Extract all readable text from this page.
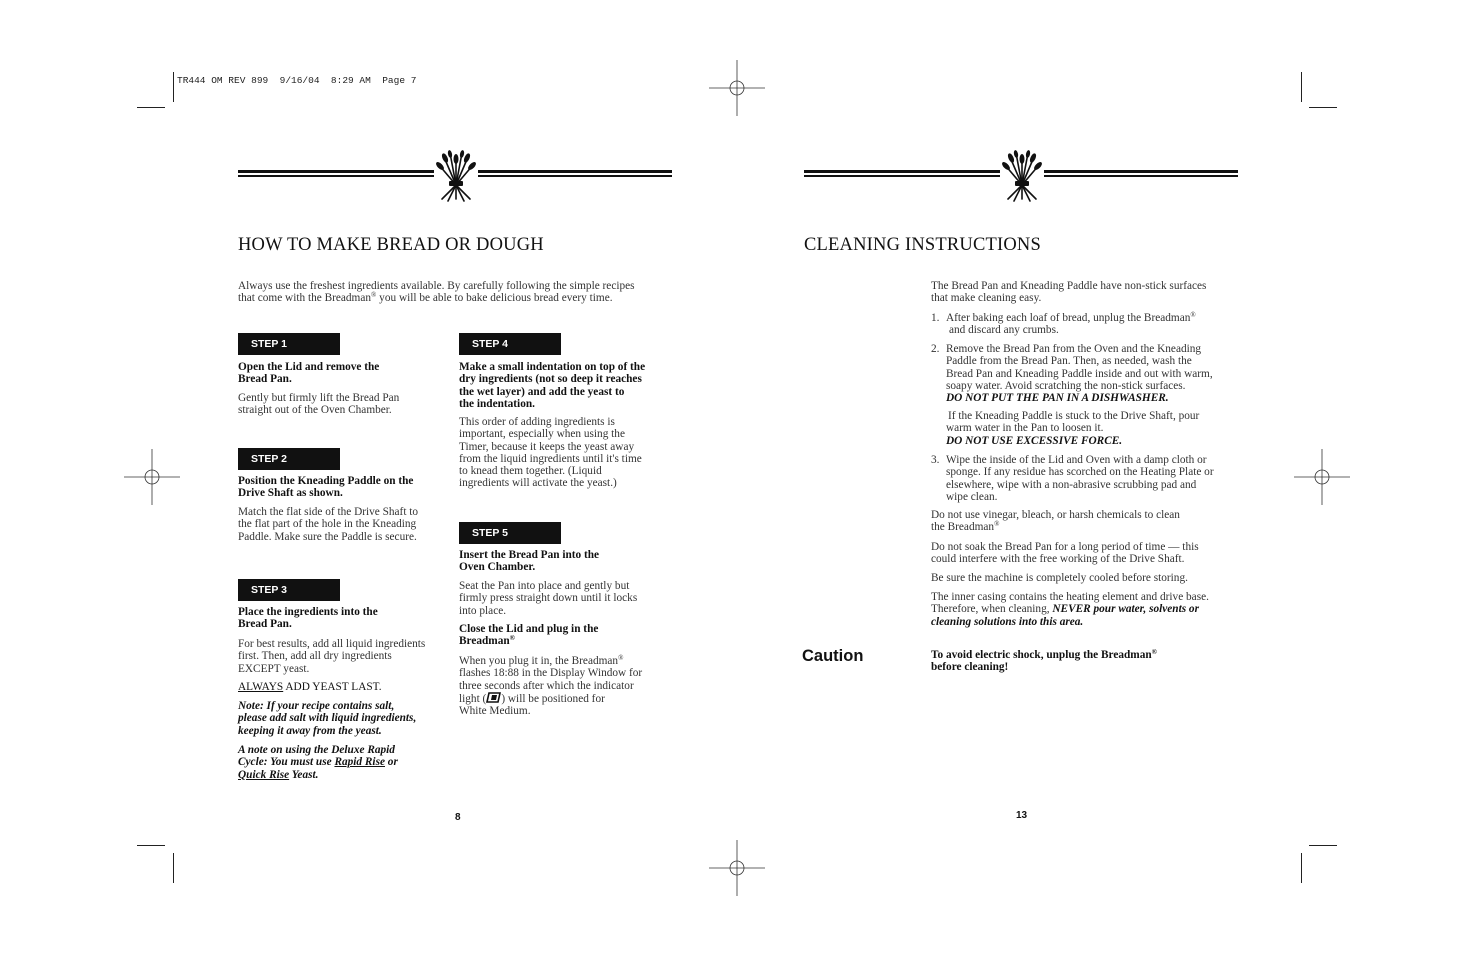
TR444 OM REV 899  9/16/04  8:29 AM  Page 7
HOW TO MAKE BREAD OR DOUGH
Always use the freshest ingredients available. By carefully following the simple recipes
that come with the Breadman® you will be able to bake delicious bread every time.
STEP 1
Open the Lid and remove the
Bread Pan.
Gently but firmly lift the Bread Pan
straight out of the Oven Chamber.
STEP 2
Position the Kneading Paddle on the
Drive Shaft as shown.
Match the flat side of the Drive Shaft to
the flat part of the hole in the Kneading
Paddle. Make sure the Paddle is secure.
STEP 3
Place the ingredients into the
Bread Pan.
For best results, add all liquid ingredients
first. Then, add all dry ingredients
EXCEPT yeast.
ALWAYS ADD YEAST LAST.
Note: If your recipe contains salt,
please add salt with liquid ingredients,
keeping it away from the yeast.
A note on using the Deluxe Rapid
Cycle: You must use Rapid Rise or
Quick Rise Yeast.
STEP 4
Make a small indentation on top of the
dry ingredients (not so deep it reaches
the wet layer) and add the yeast to
the indentation.
This order of adding ingredients is
important, especially when using the
Timer, because it keeps the yeast away
from the liquid ingredients until it's time
to knead them together. (Liquid
ingredients will activate the yeast.)
STEP 5
Insert the Bread Pan into the
Oven Chamber.
Seat the Pan into place and gently but
firmly press straight down until it locks
into place.
Close the Lid and plug in the
Breadman®
When you plug it in, the Breadman®
flashes 18:88 in the Display Window for
three seconds after which the indicator
light ( ) will be positioned for
White Medium.
8
CLEANING INSTRUCTIONS
The Bread Pan and Kneading Paddle have non-stick surfaces
that make cleaning easy.
1. After baking each loaf of bread, unplug the Breadman®
and discard any crumbs.
2. Remove the Bread Pan from the Oven and the Kneading
Paddle from the Bread Pan. Then, as needed, wash the
Bread Pan and Kneading Paddle inside and out with warm,
soapy water. Avoid scratching the non-stick surfaces.
DO NOT PUT THE PAN IN A DISHWASHER.
If the Kneading Paddle is stuck to the Drive Shaft, pour
warm water in the Pan to loosen it.
DO NOT USE EXCESSIVE FORCE.
3. Wipe the inside of the Lid and Oven with a damp cloth or
sponge. If any residue has scorched on the Heating Plate or
elsewhere, wipe with a non-abrasive scrubbing pad and
wipe clean.
Do not use vinegar, bleach, or harsh chemicals to clean
the Breadman®
Do not soak the Bread Pan for a long period of time — this
could interfere with the free working of the Drive Shaft.
Be sure the machine is completely cooled before storing.
The inner casing contains the heating element and drive base.
Therefore, when cleaning, NEVER pour water, solvents or
cleaning solutions into this area.
Caution	To avoid electric shock, unplug the Breadman®
before cleaning!
13
